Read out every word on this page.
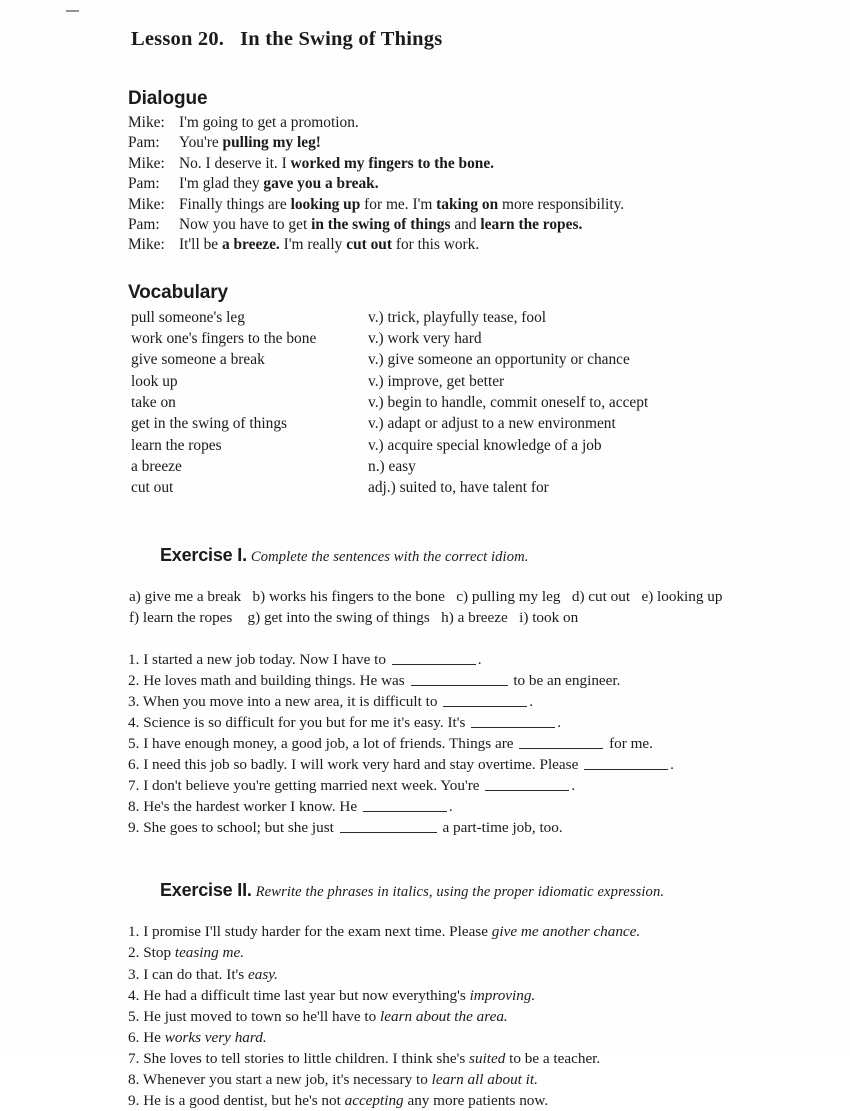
Lesson 20.   In the Swing of Things
Dialogue
Mike: I'm going to get a promotion.
Pam:	You're pulling my leg!
Mike: No. I deserve it. I worked my fingers to the bone.
Pam:	I'm glad they gave you a break.
Mike: Finally things are looking up for me. I'm taking on more responsibility.
Pam:	Now you have to get in the swing of things and learn the ropes.
Mike: It'll be a breeze. I'm really cut out for this work.
Vocabulary
pull someone's leg	v.) trick, playfully tease, fool
work one's fingers to the bone	v.) work very hard
give someone a break	v.) give someone an opportunity or chance
look up	v.) improve, get better
take on	v.) begin to handle, commit oneself to, accept
get in the swing of things	v.) adapt or adjust to a new environment
learn the ropes	v.) acquire special knowledge of a job
a breeze	n.) easy
cut out	adj.) suited to, have talent for

Exercise I. Complete the sentences with the correct idiom.

a) give me a break   b) works his fingers to the bone   c) pulling my leg   d) cut out   e) looking up
f) learn the ropes    g) get into the swing of things   h) a breeze   i) took on
1. I started a new job today. Now I have to	.
2. He loves math and building things. He was	to be an engineer.
3. When you move into a new area, it is difficult to	.
4. Science is so difficult for you but for me it's easy. It's	.
5. I have enough money, a good job, a lot of friends. Things are	for me.
6. I need this job so badly. I will work very hard and stay overtime. Please	.
7. I don't believe you're getting married next week. You're	.
8. He's the hardest worker I know. He	.
9. She goes to school; but she just	a part-time job, too.

Exercise II. Rewrite the phrases in italics, using the proper idiomatic expression.

1. I promise I'll study harder for the exam next time. Please give me another chance.
2. Stop teasing me.
3. I can do that. It's easy.
4. He had a difficult time last year but now everything's improving.
5. He just moved to town so he'll have to learn about the area.
6. He works very hard.
7. She loves to tell stories to little children. I think she's suited to be a teacher.
8. Whenever you start a new job, it's necessary to learn all about it.
9. He is a good dentist, but he's not accepting any more patients now.
